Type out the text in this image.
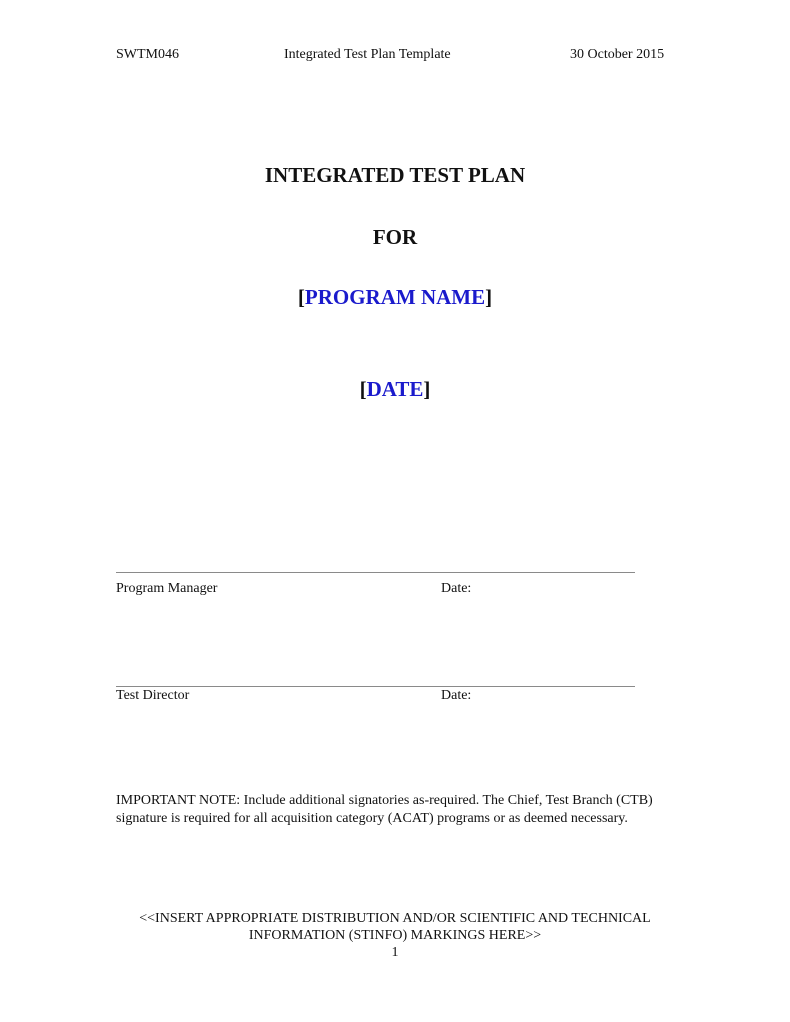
SWTM046	Integrated Test Plan Template	30 October 2015
INTEGRATED TEST PLAN
FOR
[PROGRAM NAME]
[DATE]
Program Manager	Date:
Test Director	Date:
IMPORTANT NOTE: Include additional signatories as-required. The Chief, Test Branch (CTB) signature is required for all acquisition category (ACAT) programs or as deemed necessary.
<<INSERT APPROPRIATE DISTRIBUTION AND/OR SCIENTIFIC AND TECHNICAL
INFORMATION (STINFO) MARKINGS HERE>>
1
